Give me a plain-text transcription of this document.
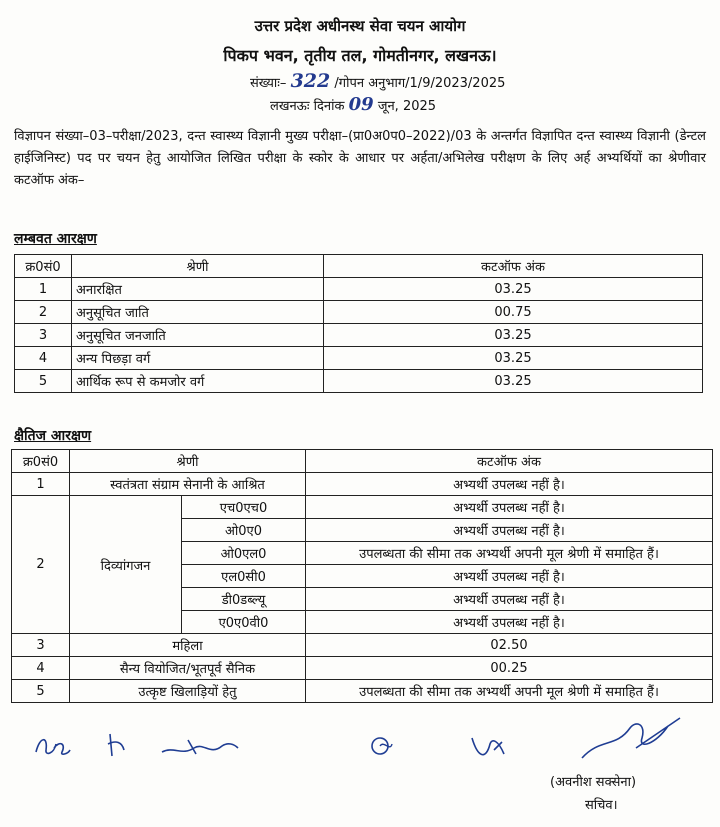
उत्तर प्रदेश अधीनस्थ सेवा चयन आयोग
पिकप भवन, तृतीय तल, गोमतीनगर, लखनऊ।
संख्याः– 322 /गोपन अनुभाग/1/9/2023/2025
लखनऊः दिनांक 09 जून, 2025
विज्ञापन संख्या–03–परीक्षा/2023, दन्त स्वास्थ्य विज्ञानी मुख्य परीक्षा–(प्रा0अ0प0–2022)/03 के अन्तर्गत विज्ञापित दन्त स्वास्थ्य विज्ञानी (डेन्टल हाईजिनिस्ट) पद पर चयन हेतु आयोजित लिखित परीक्षा के स्कोर के आधार पर अर्हता/अभिलेख परीक्षण के लिए अर्ह अभ्यर्थियों का श्रेणीवार कटऑफ अंक–
लम्बवत आरक्षण
क्र0सं0	श्रेणी	कटऑफ अंक
1	अनारक्षित	03.25
2	अनुसूचित जाति	00.75
3	अनुसूचित जनजाति	03.25
4	अन्य पिछड़ा वर्ग	03.25
5	आर्थिक रूप से कमजोर वर्ग	03.25
क्षैतिज आरक्षण
क्र0सं0	श्रेणी		कटऑफ अंक
1	स्वतंत्रता संग्राम सेनानी के आश्रित		अभ्यर्थी उपलब्ध नहीं है।
2	दिव्यांगजन	एच0एच0	अभ्यर्थी उपलब्ध नहीं है।
		ओ0ए0	अभ्यर्थी उपलब्ध नहीं है।
		ओ0एल0	उपलब्धता की सीमा तक अभ्यर्थी अपनी मूल श्रेणी में समाहित हैं।
		एल0सी0	अभ्यर्थी उपलब्ध नहीं है।
		डी0डब्ल्यू	अभ्यर्थी उपलब्ध नहीं है।
		ए0ए0वी0	अभ्यर्थी उपलब्ध नहीं है।
3	महिला		02.50
4	सैन्य वियोजित/भूतपूर्व सैनिक		00.25
5	उत्कृष्ट खिलाड़ियों हेतु		उपलब्धता की सीमा तक अभ्यर्थी अपनी मूल श्रेणी में समाहित हैं।
(अवनीश सक्सेना)
सचिव।
